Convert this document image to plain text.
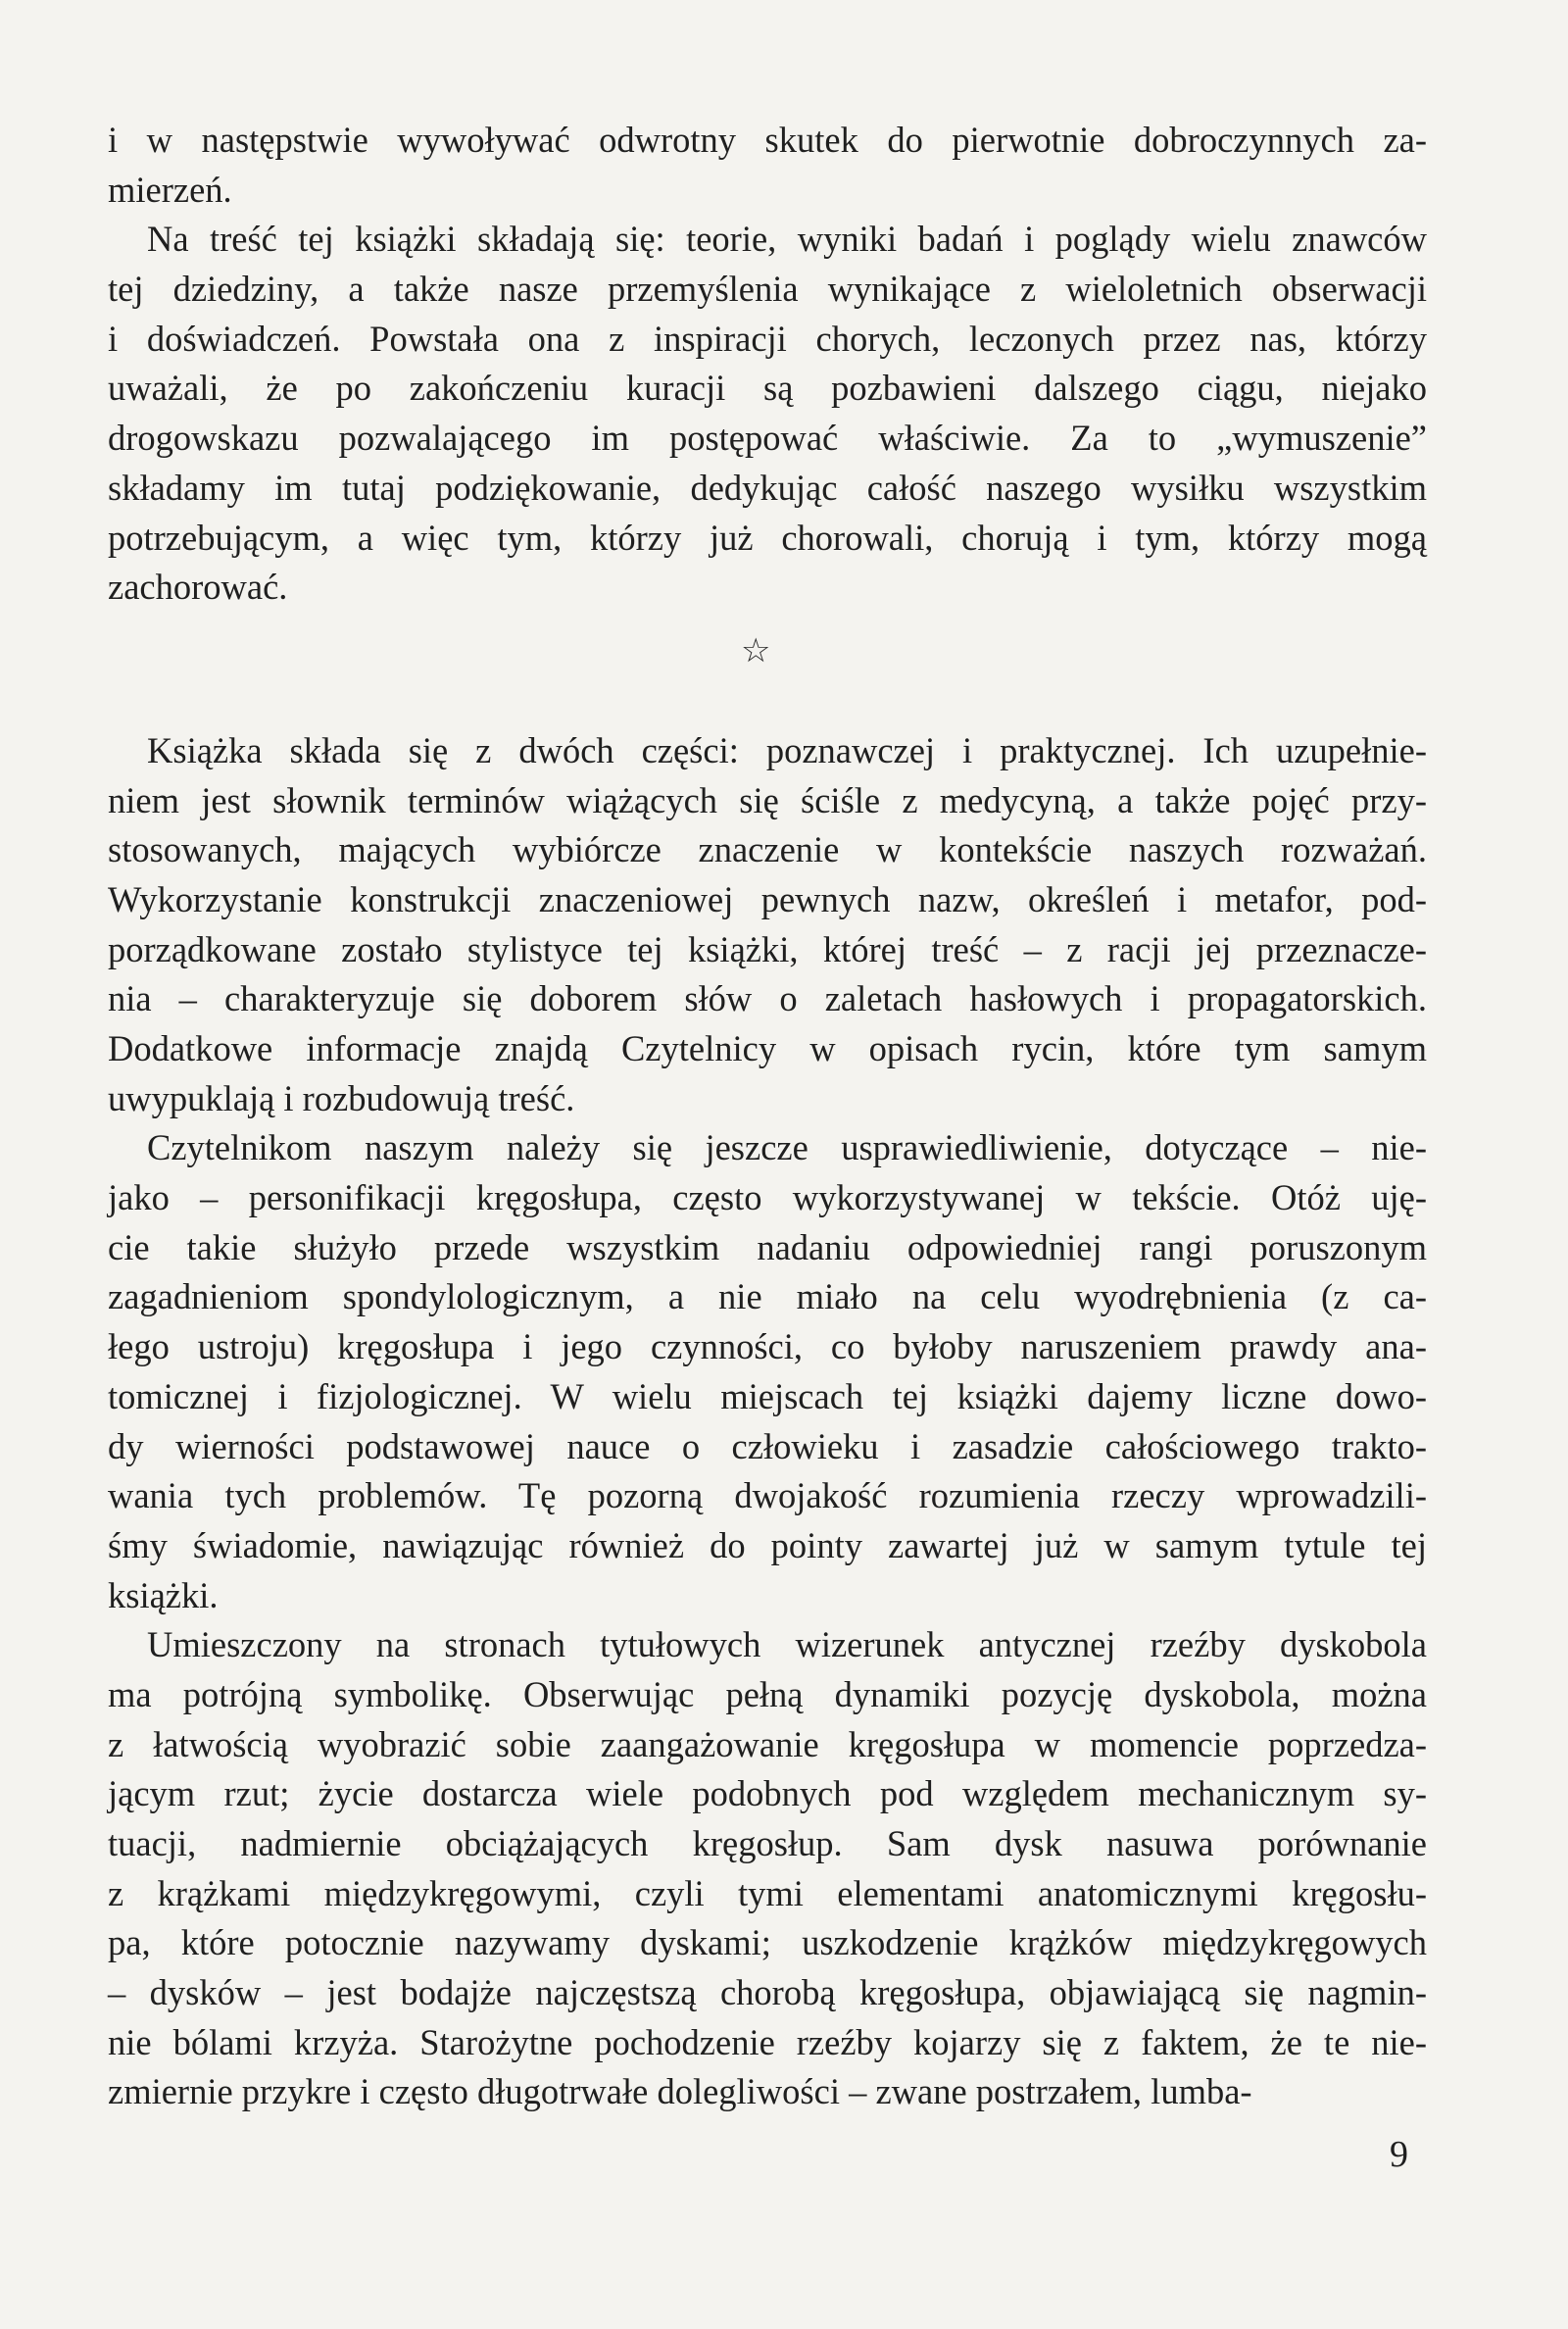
i w następstwie wywoływać odwrotny skutek do pierwotnie dobroczynnych za-
mierzeń.
Na treść tej książki składają się: teorie, wyniki badań i poglądy wielu znawców
tej dziedziny, a także nasze przemyślenia wynikające z wieloletnich obserwacji
i doświadczeń. Powstała ona z inspiracji chorych, leczonych przez nas, którzy
uważali, że po zakończeniu kuracji są pozbawieni dalszego ciągu, niejako
drogowskazu pozwalającego im postępować właściwie. Za to „wymuszenie”
składamy im tutaj podziękowanie, dedykując całość naszego wysiłku wszystkim
potrzebującym, a więc tym, którzy już chorowali, chorują i tym, którzy mogą
zachorować.
☆
Książka składa się z dwóch części: poznawczej i praktycznej. Ich uzupełnie-
niem jest słownik terminów wiążących się ściśle z medycyną, a także pojęć przy-
stosowanych, mających wybiórcze znaczenie w kontekście naszych rozważań.
Wykorzystanie konstrukcji znaczeniowej pewnych nazw, określeń i metafor, pod-
porządkowane zostało stylistyce tej książki, której treść – z racji jej przeznacze-
nia – charakteryzuje się doborem słów o zaletach hasłowych i propagatorskich.
Dodatkowe informacje znajdą Czytelnicy w opisach rycin, które tym samym
uwypuklają i rozbudowują treść.
Czytelnikom naszym należy się jeszcze usprawiedliwienie, dotyczące – nie-
jako – personifikacji kręgosłupa, często wykorzystywanej w tekście. Otóż uję-
cie takie służyło przede wszystkim nadaniu odpowiedniej rangi poruszonym
zagadnieniom spondylologicznym, a nie miało na celu wyodrębnienia (z ca-
łego ustroju) kręgosłupa i jego czynności, co byłoby naruszeniem prawdy ana-
tomicznej i fizjologicznej. W wielu miejscach tej książki dajemy liczne dowo-
dy wierności podstawowej nauce o człowieku i zasadzie całościowego trakto-
wania tych problemów. Tę pozorną dwojakość rozumienia rzeczy wprowadzili-
śmy świadomie, nawiązując również do pointy zawartej już w samym tytule tej
książki.
Umieszczony na stronach tytułowych wizerunek antycznej rzeźby dyskobola
ma potrójną symbolikę. Obserwując pełną dynamiki pozycję dyskobola, można
z łatwością wyobrazić sobie zaangażowanie kręgosłupa w momencie poprzedza-
jącym rzut; życie dostarcza wiele podobnych pod względem mechanicznym sy-
tuacji, nadmiernie obciążających kręgosłup. Sam dysk nasuwa porównanie
z krążkami międzykręgowymi, czyli tymi elementami anatomicznymi kręgosłu-
pa, które potocznie nazywamy dyskami; uszkodzenie krążków międzykręgowych
– dysków – jest bodajże najczęstszą chorobą kręgosłupa, objawiającą się nagmin-
nie bólami krzyża. Starożytne pochodzenie rzeźby kojarzy się z faktem, że te nie-
zmiernie przykre i często długotrwałe dolegliwości – zwane postrzałem, lumba-
9
